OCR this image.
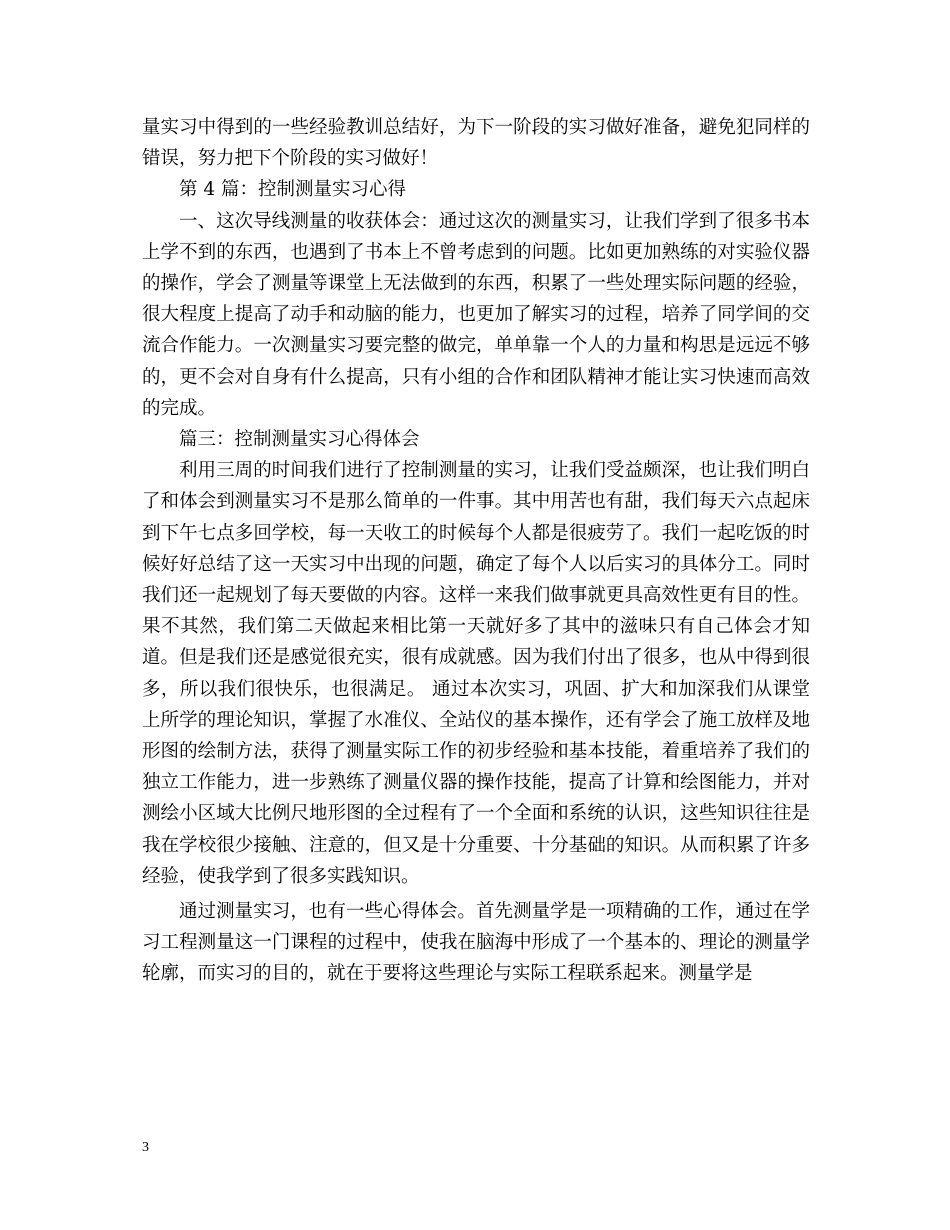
量实习中得到的一些经验教训总结好，为下一阶段的实习做好准备，避免犯同样的错误，努力把下个阶段的实习做好！

第 4 篇：控制测量实习心得

一、这次导线测量的收获体会：通过这次的测量实习，让我们学到了很多书本上学不到的东西，也遇到了书本上不曾考虑到的问题。比如更加熟练的对实验仪器的操作，学会了测量等课堂上无法做到的东西，积累了一些处理实际问题的经验，很大程度上提高了动手和动脑的能力，也更加了解实习的过程，培养了同学间的交流合作能力。一次测量实习要完整的做完，单单靠一个人的力量和构思是远远不够的，更不会对自身有什么提高，只有小组的合作和团队精神才能让实习快速而高效的完成。

篇三：控制测量实习心得体会

利用三周的时间我们进行了控制测量的实习，让我们受益颇深，也让我们明白了和体会到测量实习不是那么简单的一件事。其中用苦也有甜，我们每天六点起床到下午七点多回学校，每一天收工的时候每个人都是很疲劳了。我们一起吃饭的时候好好总结了这一天实习中出现的问题，确定了每个人以后实习的具体分工。同时我们还一起规划了每天要做的内容。这样一来我们做事就更具高效性更有目的性。果不其然，我们第二天做起来相比第一天就好多了其中的滋味只有自己体会才知道。但是我们还是感觉很充实，很有成就感。因为我们付出了很多，也从中得到很多，所以我们很快乐，也很满足。 通过本次实习，巩固、扩大和加深我们从课堂上所学的理论知识，掌握了水准仪、全站仪的基本操作，还有学会了施工放样及地形图的绘制方法，获得了测量实际工作的初步经验和基本技能，着重培养了我们的独立工作能力，进一步熟练了测量仪器的操作技能，提高了计算和绘图能力，并对测绘小区域大比例尺地形图的全过程有了一个全面和系统的认识，这些知识往往是我在学校很少接触、注意的，但又是十分重要、十分基础的知识。从而积累了许多经验，使我学到了很多实践知识。

通过测量实习，也有一些心得体会。首先测量学是一项精确的工作，通过在学习工程测量这一门课程的过程中，使我在脑海中形成了一个基本的、理论的测量学轮廓，而实习的目的，就在于要将这些理论与实际工程联系起来。测量学是

3
